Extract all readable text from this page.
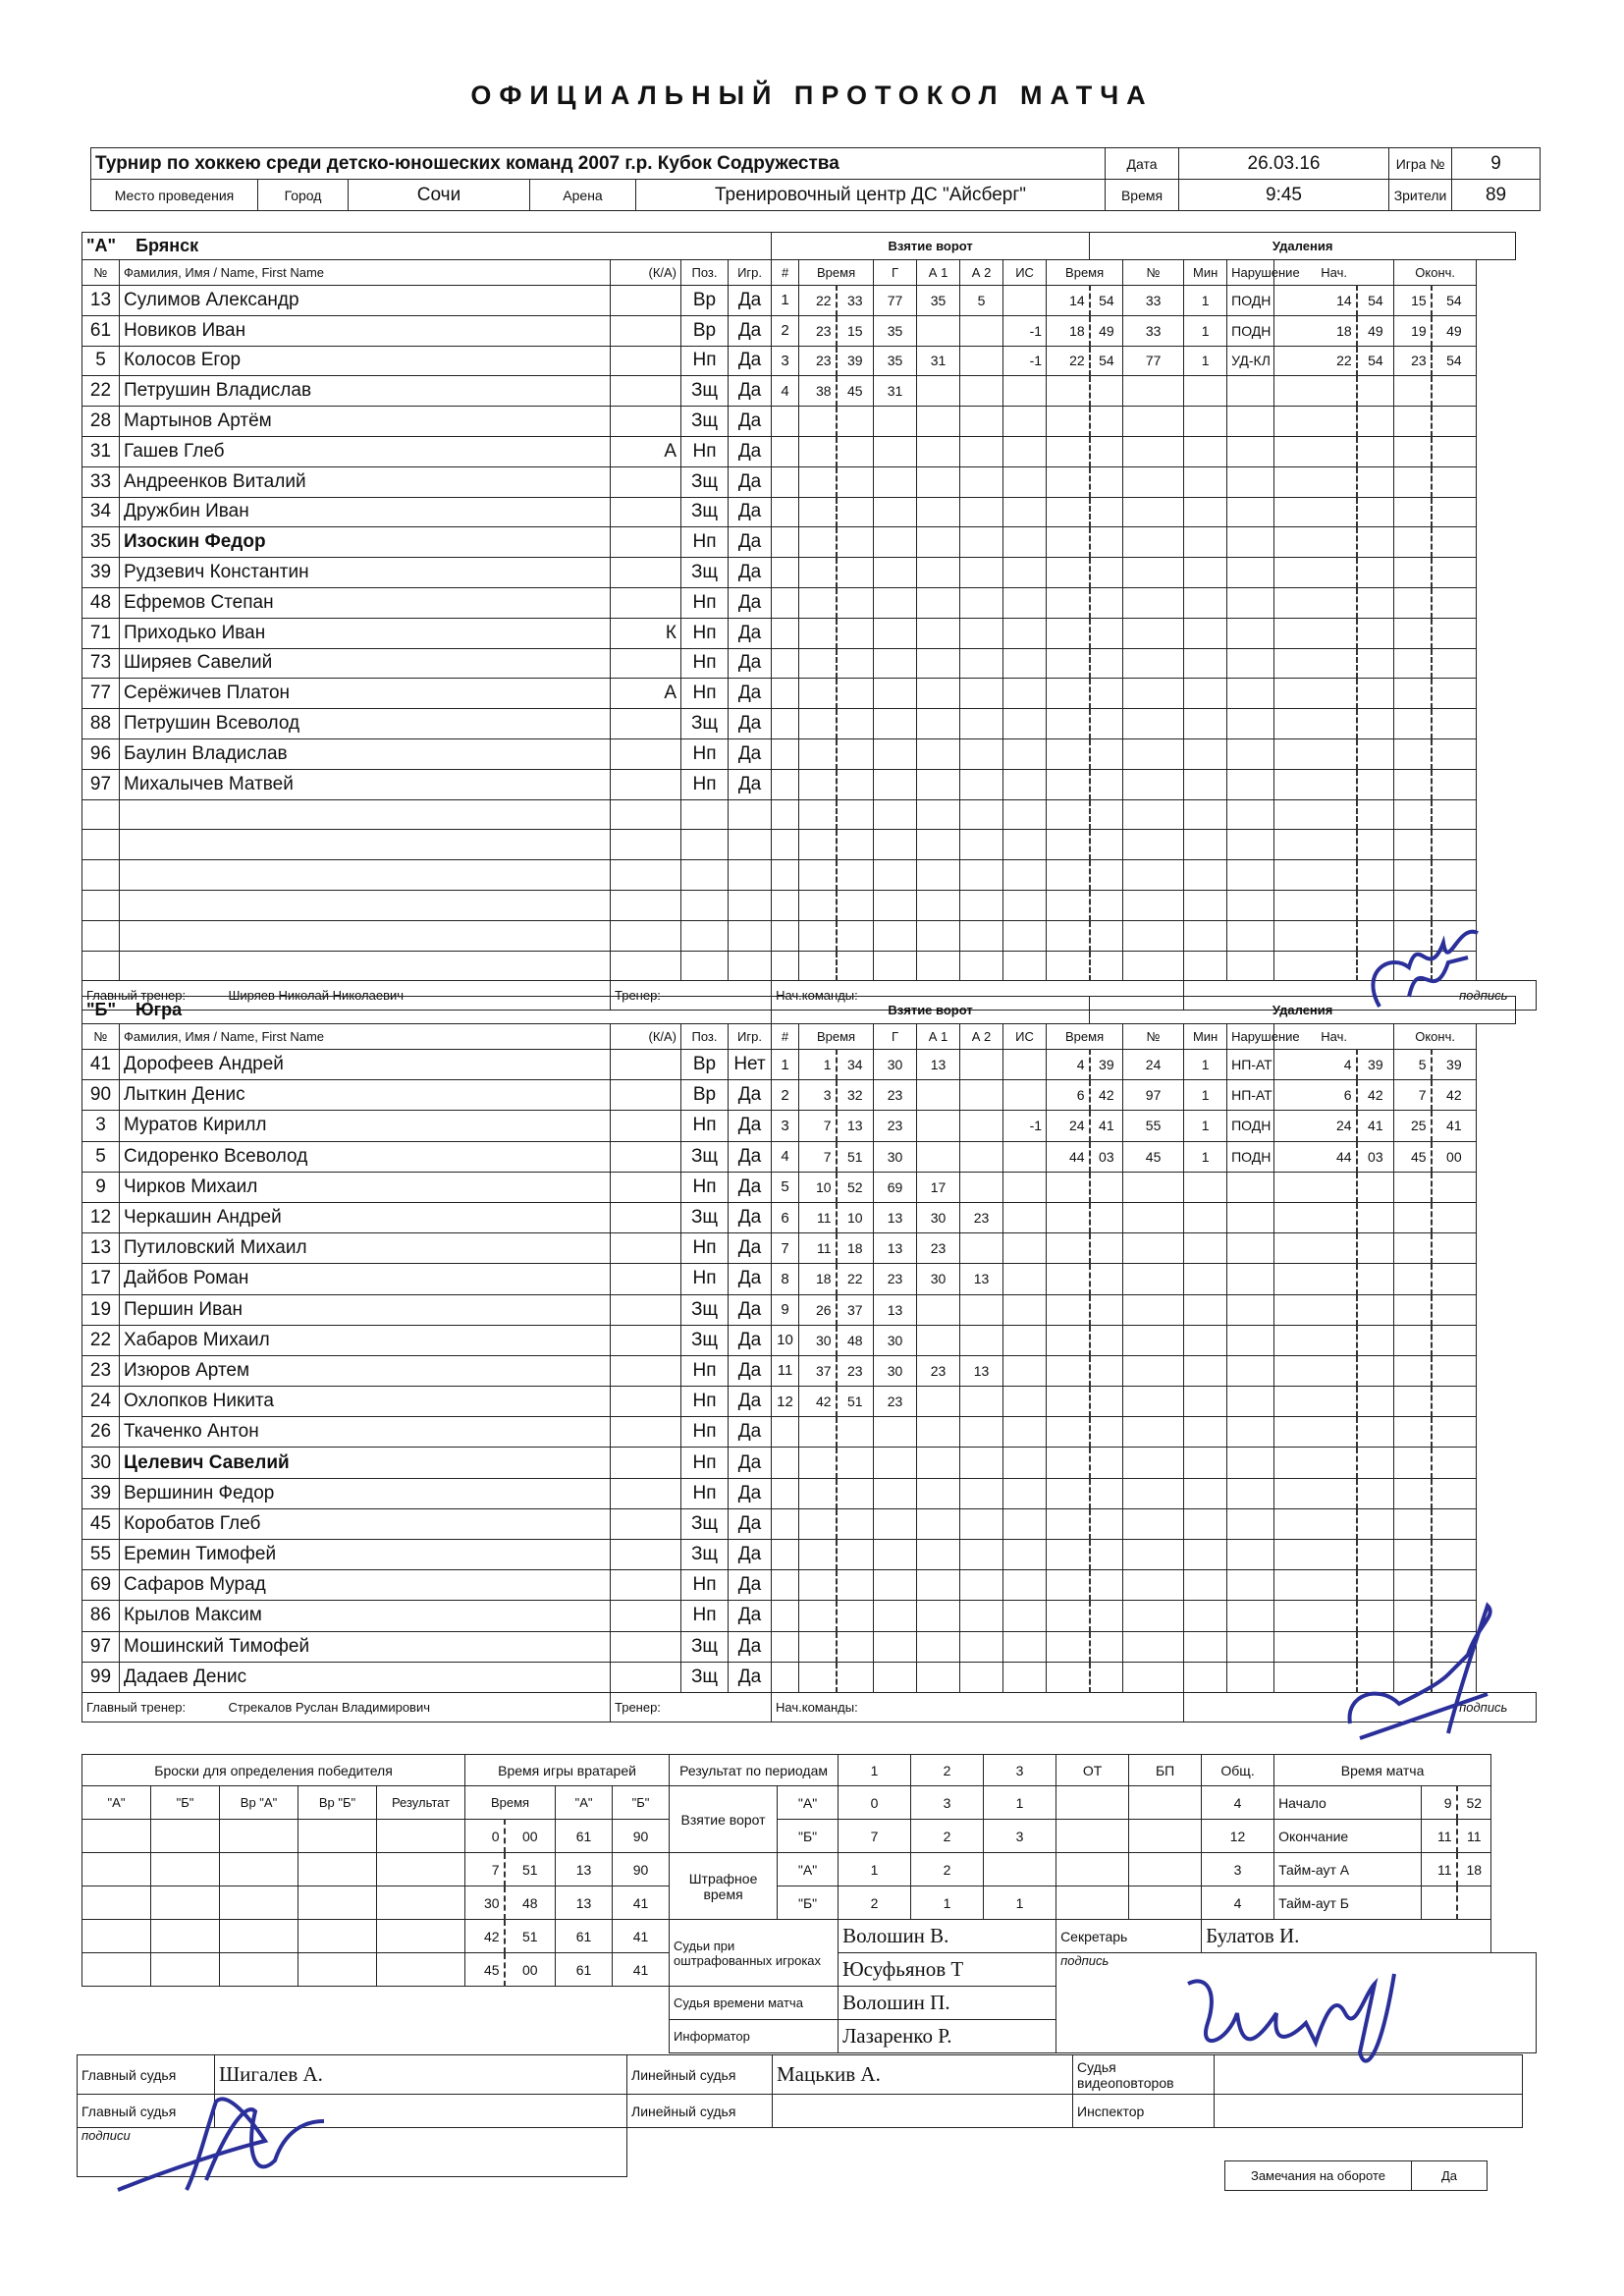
ОФИЦИАЛЬНЫЙ ПРОТОКОЛ МАТЧА
Турнир по хоккею среди детско-юношеских команд 2007 г.р. Кубок Содружества					Дата	26.03.16	Игра №	9
Место проведения	Город	Сочи	Арена	Тренировочный центр ДС "Айсберг"	Время	9:45	Зрители	89
"А" Брянск					Взятие ворот								Удаления							
№	Фамилия, Имя / Name, First Name	(К/А)	Поз.	Игр.	#	Время		Г	А 1	А 2	ИС	Время		№	Мин	Нарушение	Нач.		Оконч.	
13	Сулимов Александр		Вр	Да	1	22	33	77	35	5		14	54	33	1	ПОДН	14	54	15	54
61	Новиков Иван		Вр	Да	2	23	15	35			-1	18	49	33	1	ПОДН	18	49	19	49
5	Колосов Егор		Нп	Да	3	23	39	35	31		-1	22	54	77	1	УД-КЛ	22	54	23	54
22	Петрушин Владислав		Зщ	Да	4	38	45	31												
28	Мартынов Артём		Зщ	Да																
31	Гашев Глеб	А	Нп	Да																
33	Андреенков Виталий		Зщ	Да																
34	Дружбин Иван		Зщ	Да																
35	Изоскин Федор		Нп	Да																
39	Рудзевич Константин		Зщ	Да																
48	Ефремов Степан		Нп	Да																
71	Приходько Иван	К	Нп	Да																
73	Ширяев Савелий		Нп	Да																
77	Серёжичев Платон	А	Нп	Да																
88	Петрушин Всеволод		Зщ	Да																
96	Баулин Владислав		Нп	Да																
97	Михалычев Матвей		Нп	Да																

Главный тренер: Ширяев Николай Николаевич		Тренер:			Нач.команды:										подпись					
"Б" Югра					Взятие ворот								Удаления							
№	Фамилия, Имя / Name, First Name	(К/А)	Поз.	Игр.	#	Время		Г	А 1	А 2	ИС	Время		№	Мин	Нарушение	Нач.		Оконч.	
41	Дорофеев Андрей		Вр	Нет	1	1	34	30	13			4	39	24	1	НП-АТ	4	39	5	39
90	Лыткин Денис		Вр	Да	2	3	32	23				6	42	97	1	НП-АТ	6	42	7	42
3	Муратов Кирилл		Нп	Да	3	7	13	23			-1	24	41	55	1	ПОДН	24	41	25	41
5	Сидоренко Всеволод		Зщ	Да	4	7	51	30				44	03	45	1	ПОДН	44	03	45	00
9	Чирков Михаил		Нп	Да	5	10	52	69	17											
12	Черкашин Андрей		Зщ	Да	6	11	10	13	30	23										
13	Путиловский Михаил		Нп	Да	7	11	18	13	23											
17	Дайбов Роман		Нп	Да	8	18	22	23	30	13										
19	Першин Иван		Зщ	Да	9	26	37	13												
22	Хабаров Михаил		Зщ	Да	10	30	48	30												
23	Изюров Артем		Нп	Да	11	37	23	30	23	13										
24	Охлопков Никита		Нп	Да	12	42	51	23												
26	Ткаченко Антон		Нп	Да																
30	Целевич Савелий		Нп	Да																
39	Вершинин Федор		Нп	Да																
45	Коробатов Глеб		Зщ	Да																
55	Еремин Тимофей		Зщ	Да																
69	Сафаров Мурад		Нп	Да																
86	Крылов Максим		Нп	Да																
97	Мошинский Тимофей		Зщ	Да																
99	Дадаев Денис		Зщ	Да																
Главный тренер: Стрекалов Руслан Владимирович		Тренер:			Нач.команды:										подпись					
Броски для определения победителя					Время игры вратарей				Результат по периодам		1	2	3	ОТ	БП	Общ.	Время матча		
"А"	"Б"	Вр "А"	Вр "Б"	Результат	Время		"А"	"Б"	Взятие ворот	"А"	0	3	1			4	Начало	9	52
					0	00	61	90		"Б"	7	2	3			12	Окончание	11	11
					7	51	13	90	Штрафное время	"А"	1	2				3	Тайм-аут А	11	18
					30	48	13	41		"Б"	2	1	1			4	Тайм-аут Б		
					42	51	61	41	Судьи при оштрафованных игроках		Волошин В.			Секретарь		Булатов И.			
					45	00	61	41			Юсуфьянов Т			подпись					
									Судья времени матча		Волошин П.								
									Информатор		Лазаренко Р.								
Главный судья	Шигалев А.	Линейный судья	Мацькив А.	Судья видеоповторов	
Главный судья		Линейный судья		Инспектор	
подписи					
Замечания на обороте	Да
